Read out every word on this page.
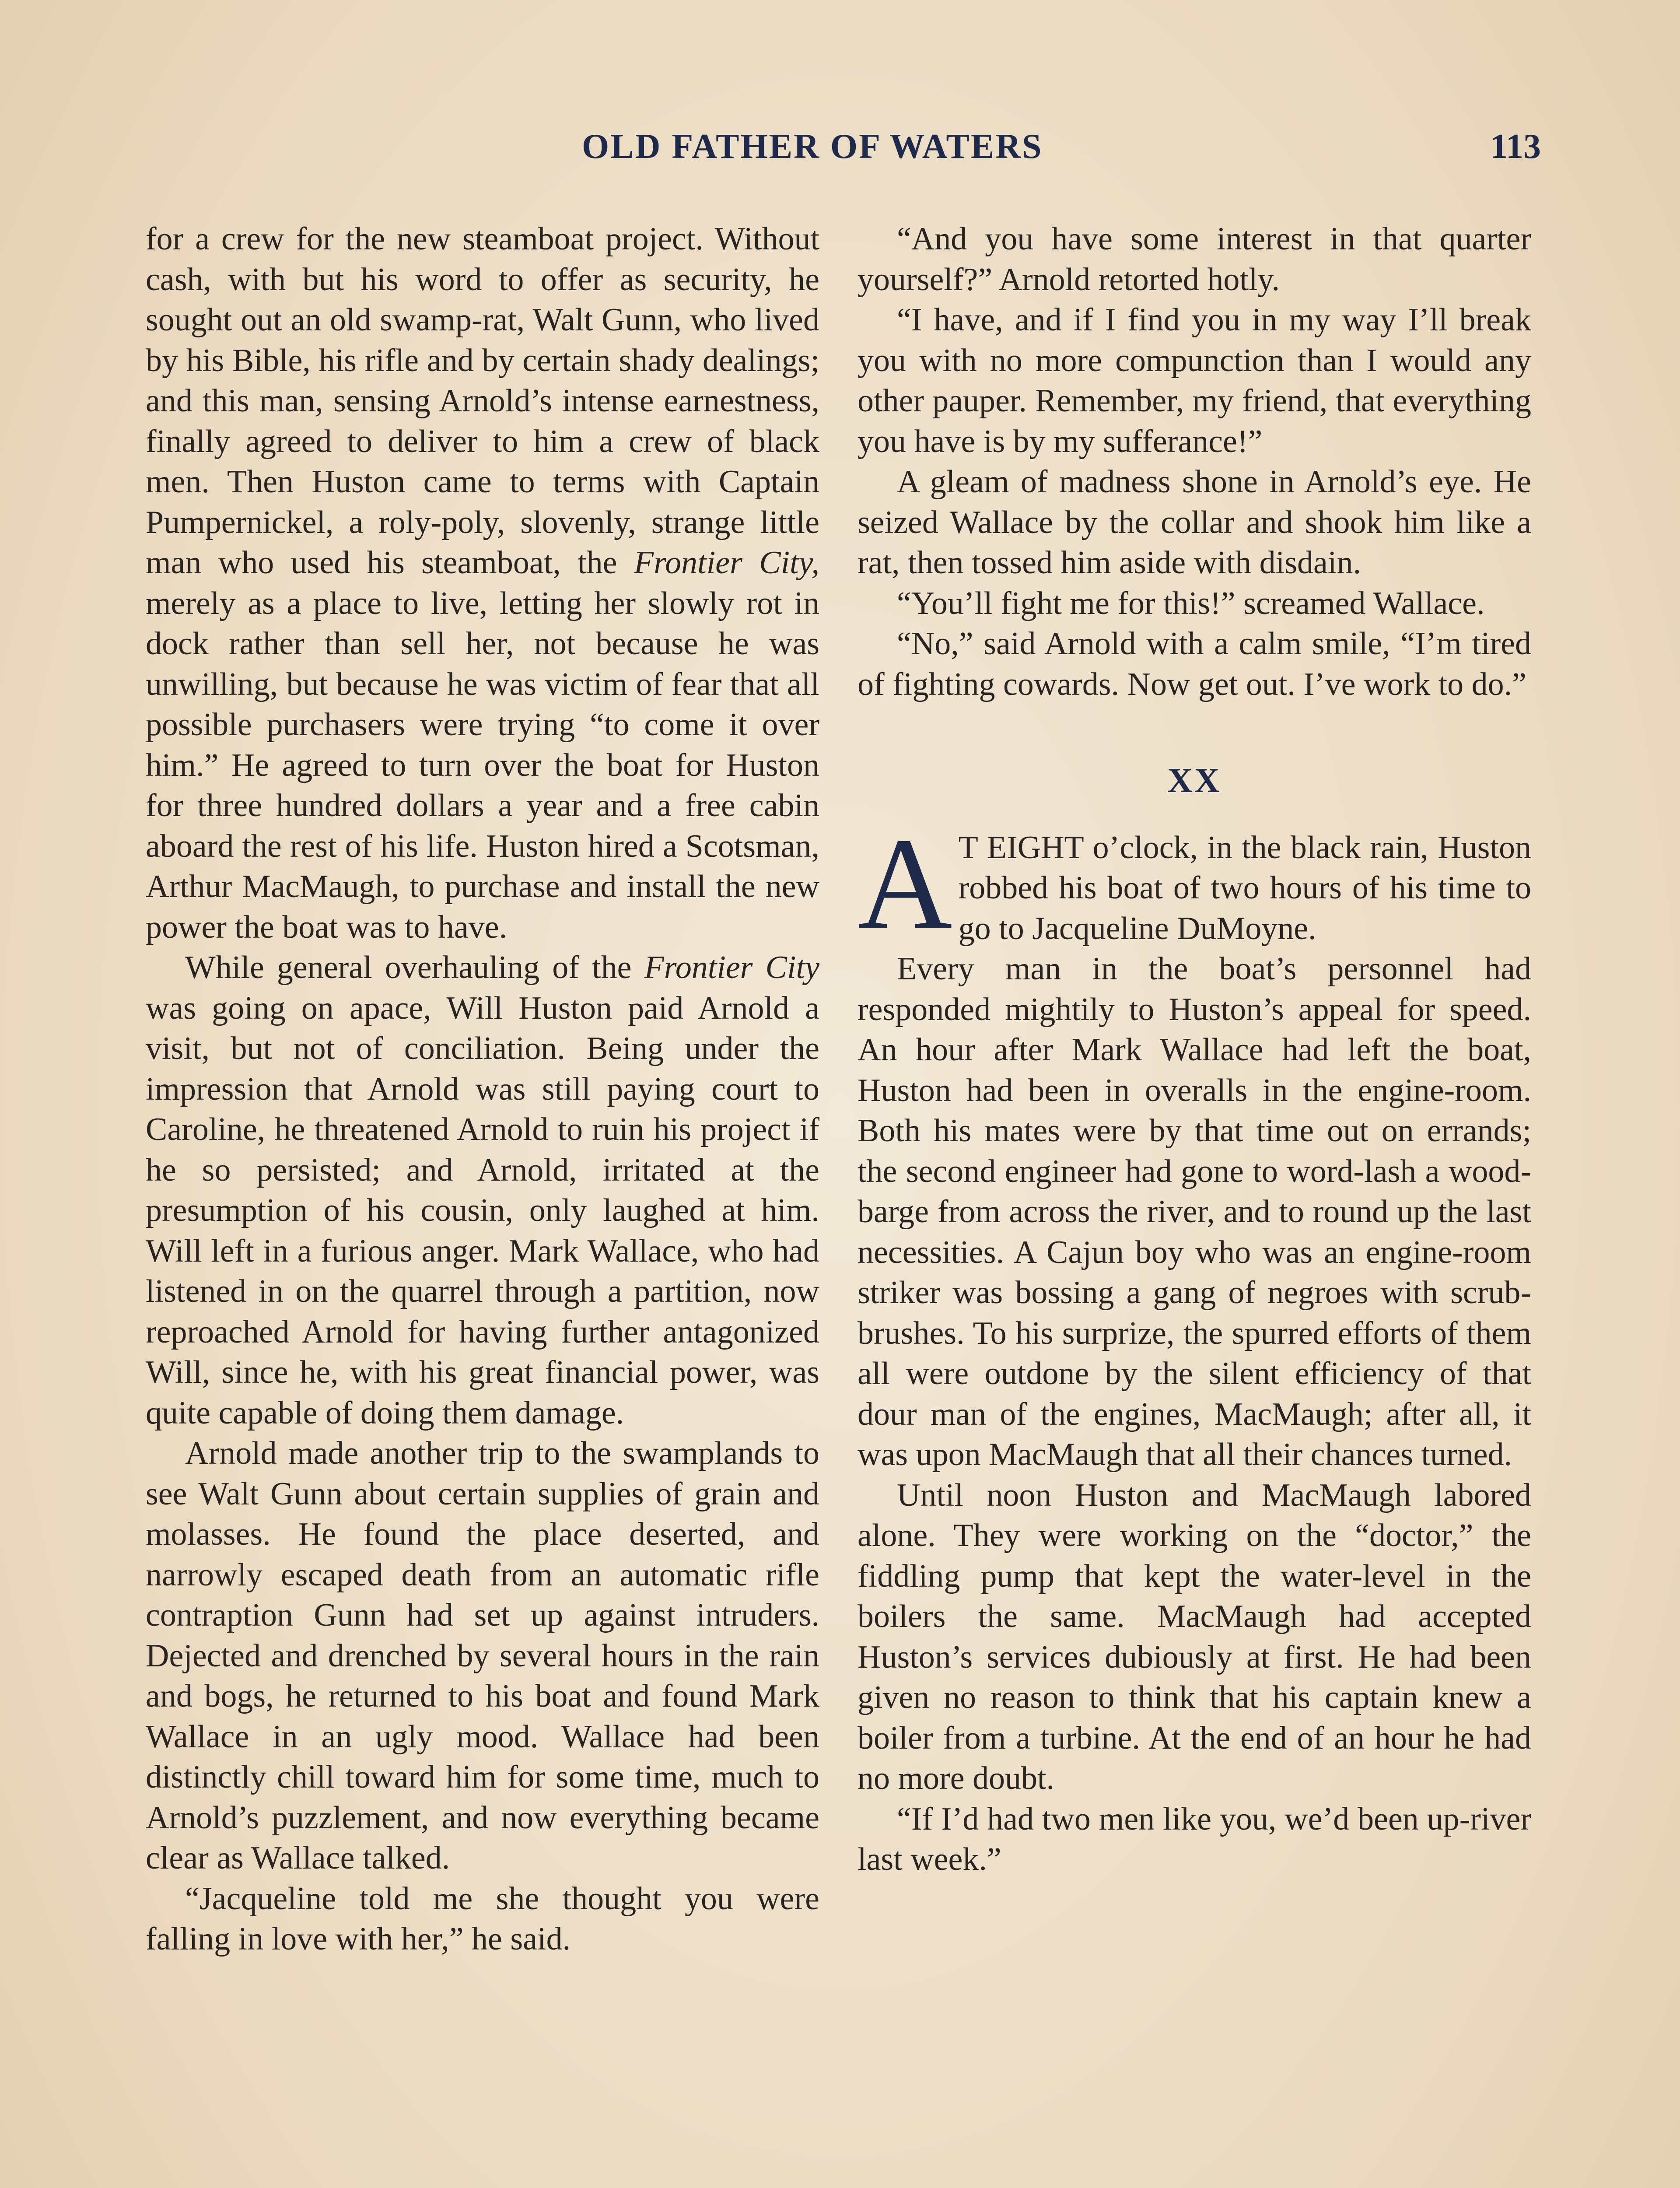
OLD FATHER OF WATERS	113

for a crew for the new steamboat project. Without cash, with but his word to offer as security, he sought out an old swamp-rat, Walt Gunn, who lived by his Bible, his rifle and by certain shady dealings; and this man, sensing Arnold’s intense earnestness, finally agreed to deliver to him a crew of black men. Then Huston came to terms with Captain Pumpernickel, a roly-poly, slovenly, strange little man who used his steamboat, the Frontier City, merely as a place to live, letting her slowly rot in dock rather than sell her, not because he was unwilling, but because he was victim of fear that all possible purchasers were trying “to come it over him.” He agreed to turn over the boat for Huston for three hundred dollars a year and a free cabin aboard the rest of his life. Huston hired a Scotsman, Arthur MacMaugh, to purchase and install the new power the boat was to have.

While general overhauling of the Frontier City was going on apace, Will Huston paid Arnold a visit, but not of conciliation. Being under the impression that Arnold was still paying court to Caroline, he threatened Arnold to ruin his project if he so persisted; and Arnold, irritated at the presumption of his cousin, only laughed at him. Will left in a furious anger. Mark Wallace, who had listened in on the quarrel through a partition, now reproached Arnold for having further antagonized Will, since he, with his great financial power, was quite capable of doing them damage.

Arnold made another trip to the swamplands to see Walt Gunn about certain supplies of grain and molasses. He found the place deserted, and narrowly escaped death from an automatic rifle contraption Gunn had set up against intruders. Dejected and drenched by several hours in the rain and bogs, he returned to his boat and found Mark Wallace in an ugly mood. Wallace had been distinctly chill toward him for some time, much to Arnold’s puzzlement, and now everything became clear as Wallace talked.

“Jacqueline told me she thought you were falling in love with her,” he said.

“And you have some interest in that quarter yourself?” Arnold retorted hotly.

“I have, and if I find you in my way I’ll break you with no more compunction than I would any other pauper. Remember, my friend, that everything you have is by my sufferance!”

A gleam of madness shone in Arnold’s eye. He seized Wallace by the collar and shook him like a rat, then tossed him aside with disdain.

“You’ll fight me for this!” screamed Wallace.

“No,” said Arnold with a calm smile, “I’m tired of fighting cowards. Now get out. I’ve work to do.”

XX

A T EIGHT o’clock, in the black rain, Huston robbed his boat of two hours of his time to go to Jacqueline DuMoyne.

Every man in the boat’s personnel had responded mightily to Huston’s appeal for speed. An hour after Mark Wallace had left the boat, Huston had been in overalls in the engine-room. Both his mates were by that time out on errands; the second engineer had gone to word-lash a wood-barge from across the river, and to round up the last necessities. A Cajun boy who was an engine-room striker was bossing a gang of negroes with scrub-brushes. To his surprize, the spurred efforts of them all were outdone by the silent efficiency of that dour man of the engines, MacMaugh; after all, it was upon MacMaugh that all their chances turned.

Until noon Huston and MacMaugh labored alone. They were working on the “doctor,” the fiddling pump that kept the water-level in the boilers the same. MacMaugh had accepted Huston’s services dubiously at first. He had been given no reason to think that his captain knew a boiler from a turbine. At the end of an hour he had no more doubt.

“If I’d had two men like you, we’d been up-river last week.”
